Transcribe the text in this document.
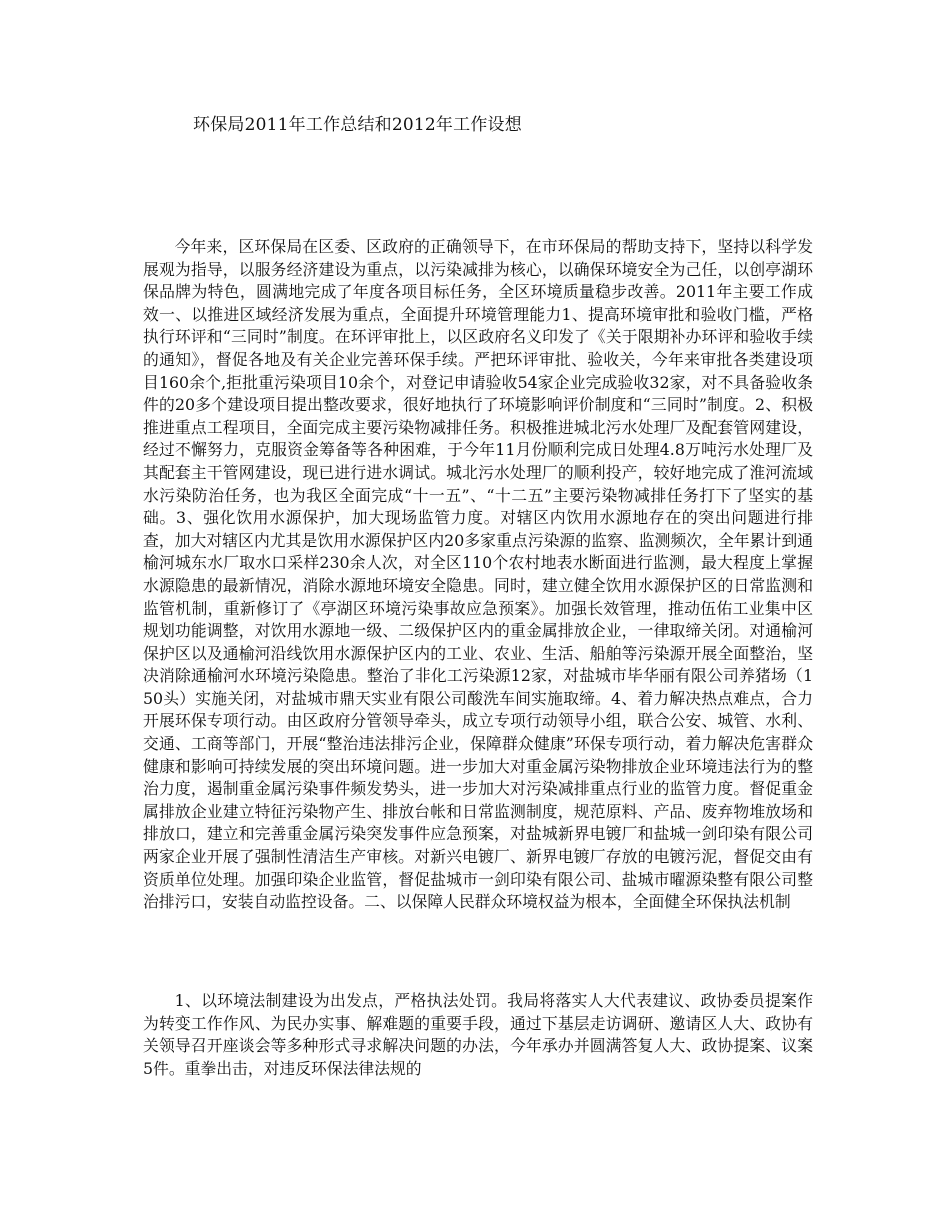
环保局2011年工作总结和2012年工作设想

今年来，区环保局在区委、区政府的正确领导下，在市环保局的帮助支持下，坚持以科学发展观为指导，以服务经济建设为重点，以污染减排为核心，以确保环境安全为己任，以创亭湖环保品牌为特色，圆满地完成了年度各项目标任务，全区环境质量稳步改善。2011年主要工作成效一、以推进区域经济发展为重点，全面提升环境管理能力1、提高环境审批和验收门槛，严格执行环评和“三同时”制度。在环评审批上，以区政府名义印发了《关于限期补办环评和验收手续的通知》，督促各地及有关企业完善环保手续。严把环评审批、验收关，今年来审批各类建设项目160余个,拒批重污染项目10余个，对登记申请验收54家企业完成验收32家，对不具备验收条件的20多个建设项目提出整改要求，很好地执行了环境影响评价制度和“三同时”制度。2、积极推进重点工程项目，全面完成主要污染物减排任务。积极推进城北污水处理厂及配套管网建设，经过不懈努力，克服资金筹备等各种困难，于今年11月份顺利完成日处理4.8万吨污水处理厂及其配套主干管网建设，现已进行进水调试。城北污水处理厂的顺利投产，较好地完成了淮河流域水污染防治任务，也为我区全面完成“十一五”、“十二五”主要污染物减排任务打下了坚实的基础。3、强化饮用水源保护，加大现场监管力度。对辖区内饮用水源地存在的突出问题进行排查，加大对辖区内尤其是饮用水源保护区内20多家重点污染源的监察、监测频次，全年累计到通榆河城东水厂取水口采样230余人次，对全区110个农村地表水断面进行监测，最大程度上掌握水源隐患的最新情况，消除水源地环境安全隐患。同时，建立健全饮用水源保护区的日常监测和监管机制，重新修订了《亭湖区环境污染事故应急预案》。加强长效管理，推动伍佑工业集中区规划功能调整，对饮用水源地一级、二级保护区内的重金属排放企业，一律取缔关闭。对通榆河保护区以及通榆河沿线饮用水源保护区内的工业、农业、生活、船舶等污染源开展全面整治，坚决消除通榆河水环境污染隐患。整治了非化工污染源12家，对盐城市毕华丽有限公司养猪场（150头）实施关闭，对盐城市鼎天实业有限公司酸洗车间实施取缔。4、着力解决热点难点，合力开展环保专项行动。由区政府分管领导牵头，成立专项行动领导小组，联合公安、城管、水利、交通、工商等部门，开展“整治违法排污企业，保障群众健康”环保专项行动，着力解决危害群众健康和影响可持续发展的突出环境问题。进一步加大对重金属污染物排放企业环境违法行为的整治力度，遏制重金属污染事件频发势头，进一步加大对污染减排重点行业的监管力度。督促重金属排放企业建立特征污染物产生、排放台帐和日常监测制度，规范原料、产品、废弃物堆放场和排放口，建立和完善重金属污染突发事件应急预案，对盐城新界电镀厂和盐城一剑印染有限公司两家企业开展了强制性清洁生产审核。对新兴电镀厂、新界电镀厂存放的电镀污泥，督促交由有资质单位处理。加强印染企业监管，督促盐城市一剑印染有限公司、盐城市曜源染整有限公司整治排污口，安装自动监控设备。二、以保障人民群众环境权益为根本，全面健全环保执法机制

1、以环境法制建设为出发点，严格执法处罚。我局将落实人大代表建议、政协委员提案作为转变工作作风、为民办实事、解难题的重要手段，通过下基层走访调研、邀请区人大、政协有关领导召开座谈会等多种形式寻求解决问题的办法，今年承办并圆满答复人大、政协提案、议案5件。重拳出击，对违反环保法律法规的
